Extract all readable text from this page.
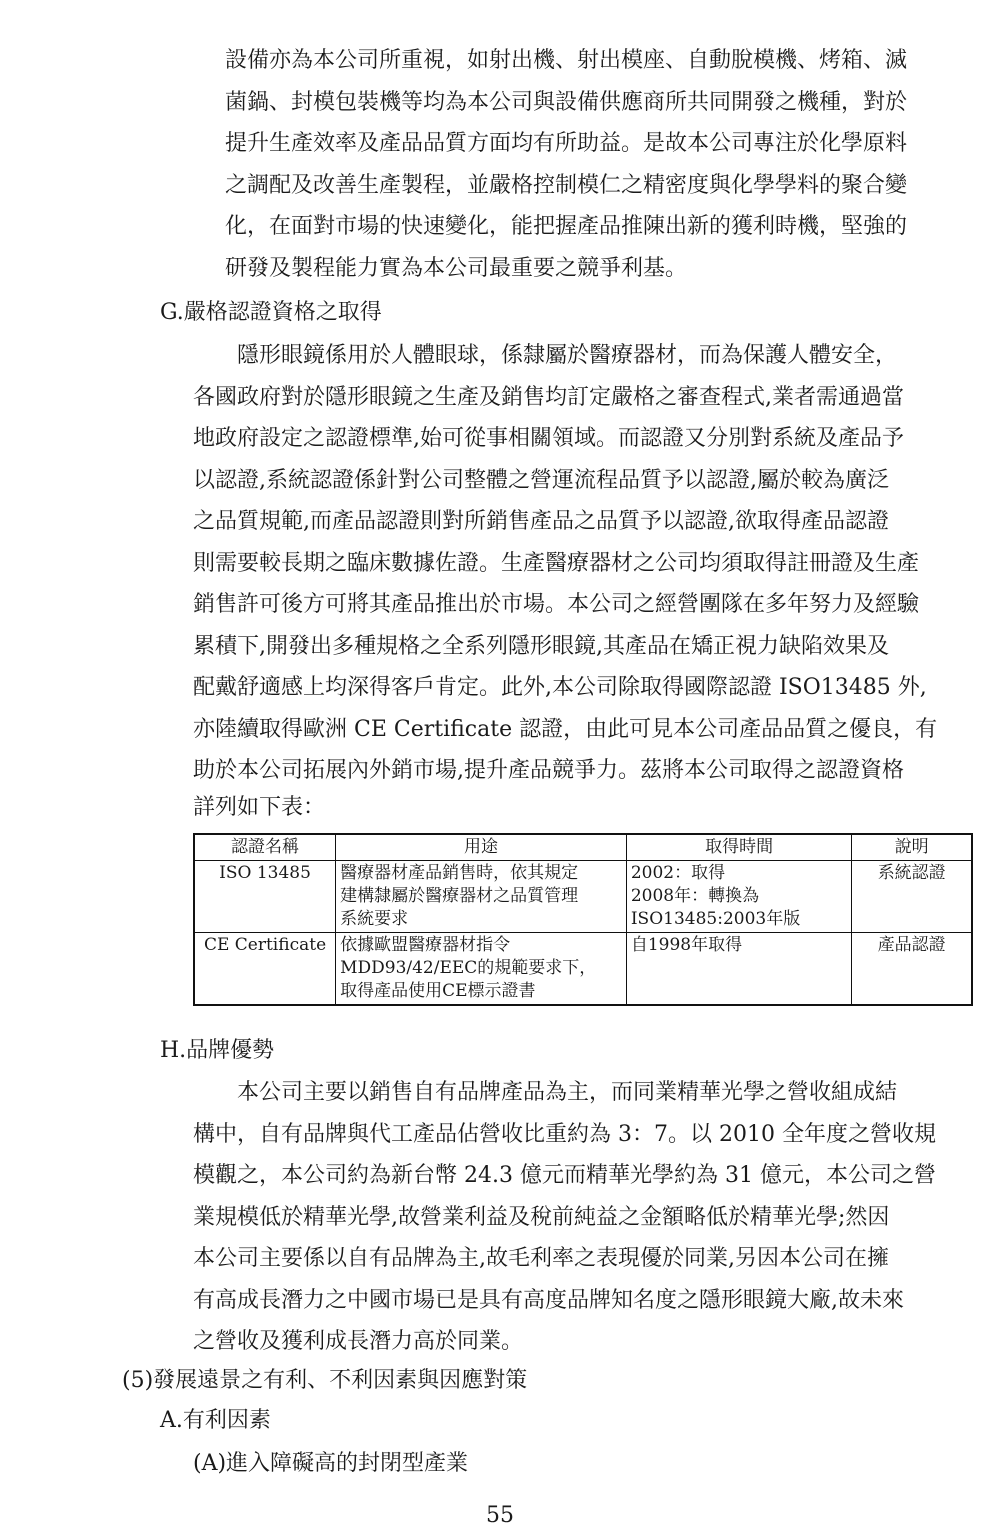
設備亦為本公司所重視，如射出機、射出模座、自動脫模機、烤箱、滅
菌鍋、封模包裝機等均為本公司與設備供應商所共同開發之機種，對於
提升生產效率及產品品質方面均有所助益。是故本公司專注於化學原料
之調配及改善生產製程，並嚴格控制模仁之精密度與化學學料的聚合變
化，在面對市場的快速變化，能把握產品推陳出新的獲利時機，堅強的
研發及製程能力實為本公司最重要之競爭利基。
G.嚴格認證資格之取得
隱形眼鏡係用於人體眼球，係隸屬於醫療器材，而為保護人體安全，
各國政府對於隱形眼鏡之生產及銷售均訂定嚴格之審查程式,業者需通過當
地政府設定之認證標準,始可從事相關領域。而認證又分別對系統及產品予
以認證,系統認證係針對公司整體之營運流程品質予以認證,屬於較為廣泛
之品質規範,而產品認證則對所銷售產品之品質予以認證,欲取得產品認證
則需要較長期之臨床數據佐證。生產醫療器材之公司均須取得註冊證及生產
銷售許可後方可將其產品推出於市場。本公司之經營團隊在多年努力及經驗
累積下,開發出多種規格之全系列隱形眼鏡,其產品在矯正視力缺陷效果及
配戴舒適感上均深得客戶肯定。此外,本公司除取得國際認證 ISO13485 外,
亦陸續取得歐洲 CE Certificate 認證，由此可見本公司產品品質之優良，有
助於本公司拓展內外銷市場,提升產品競爭力。茲將本公司取得之認證資格
詳列如下表：
認證名稱	用途	取得時間	說明
ISO 13485	醫療器材產品銷售時，依其規定
建構隸屬於醫療器材之品質管理
系統要求	2002：取得
2008年：轉換為
ISO13485:2003年版	系統認證
CE Certificate	依據歐盟醫療器材指令
MDD93/42/EEC的規範要求下，
取得產品使用CE標示證書	自1998年取得	產品認證
H.品牌優勢
本公司主要以銷售自有品牌產品為主，而同業精華光學之營收組成結
構中，自有品牌與代工產品佔營收比重約為 3：7。以 2010 全年度之營收規
模觀之，本公司約為新台幣 24.3 億元而精華光學約為 31 億元，本公司之營
業規模低於精華光學,故營業利益及稅前純益之金額略低於精華光學;然因
本公司主要係以自有品牌為主,故毛利率之表現優於同業,另因本公司在擁
有高成長潛力之中國市場已是具有高度品牌知名度之隱形眼鏡大廠,故未來
之營收及獲利成長潛力高於同業。
(5)發展遠景之有利、不利因素與因應對策
A.有利因素
(A)進入障礙高的封閉型產業
55
